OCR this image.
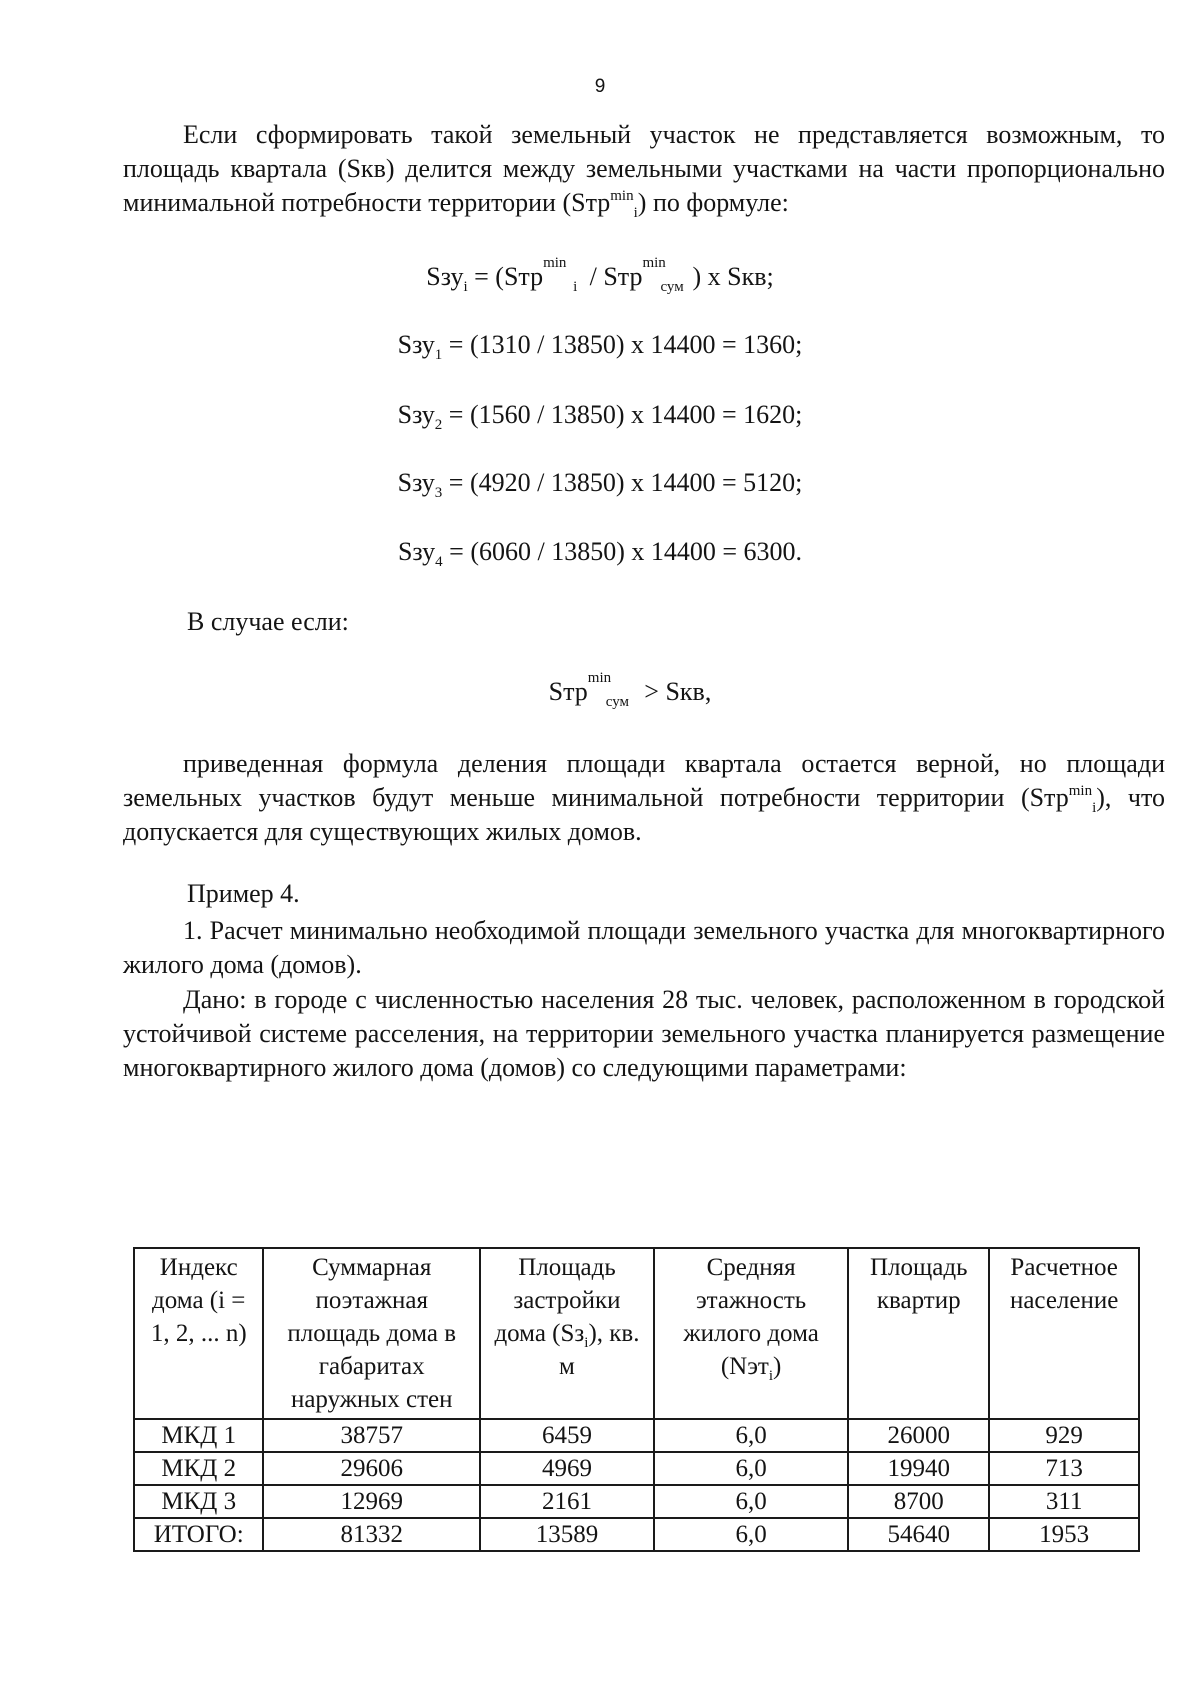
9

Если сформировать такой земельный участок не представляется возможным, то площадь квартала (Sкв) делится между земельными участками на части пропорционально минимальной потребности территории (Sтр$^{min}_i$) по формуле:

Sзу$_i$ = (Sтр min
i / Sтр min
сум ) x Sкв;
Sзу$_1$ = (1310 / 13850) x 14400 = 1360;
Sзу$_2$ = (1560 / 13850) x 14400 = 1620;
Sзу$_3$ = (4920 / 13850) x 14400 = 5120;
Sзу$_4$ = (6060 / 13850) x 14400 = 6300.
В случае если:
Sтр min
сум > Sкв,

приведенная формула деления площади квартала остается верной, но площади земельных участков будут меньше минимальной потребности территории (Sтр$^{min}_i$), что допускается для существующих жилых домов.

Пример 4.

1. Расчет минимально необходимой площади земельного участка для многоквартирного жилого дома (домов).

Дано: в городе с численностью населения 28 тыс. человек, расположенном в городской устойчивой системе расселения, на территории земельного участка планируется размещение многоквартирного жилого дома (домов) со следующими параметрами:

Индекс дома (i = 1, 2, ... n)	Суммарная поэтажная площадь дома в габаритах наружных стен	Площадь застройки дома $(Sз_i)$, кв. м	Средняя этажность жилого дома (Nэт$_i$)	Площадь квартир	Расчетное население
МКД 1	38757	6459	6,0	26000	929
МКД 2	29606	4969	6,0	19940	713
МКД 3	12969	2161	6,0	8700	311
ИТОГО:	81332	13589	6,0	54640	1953
